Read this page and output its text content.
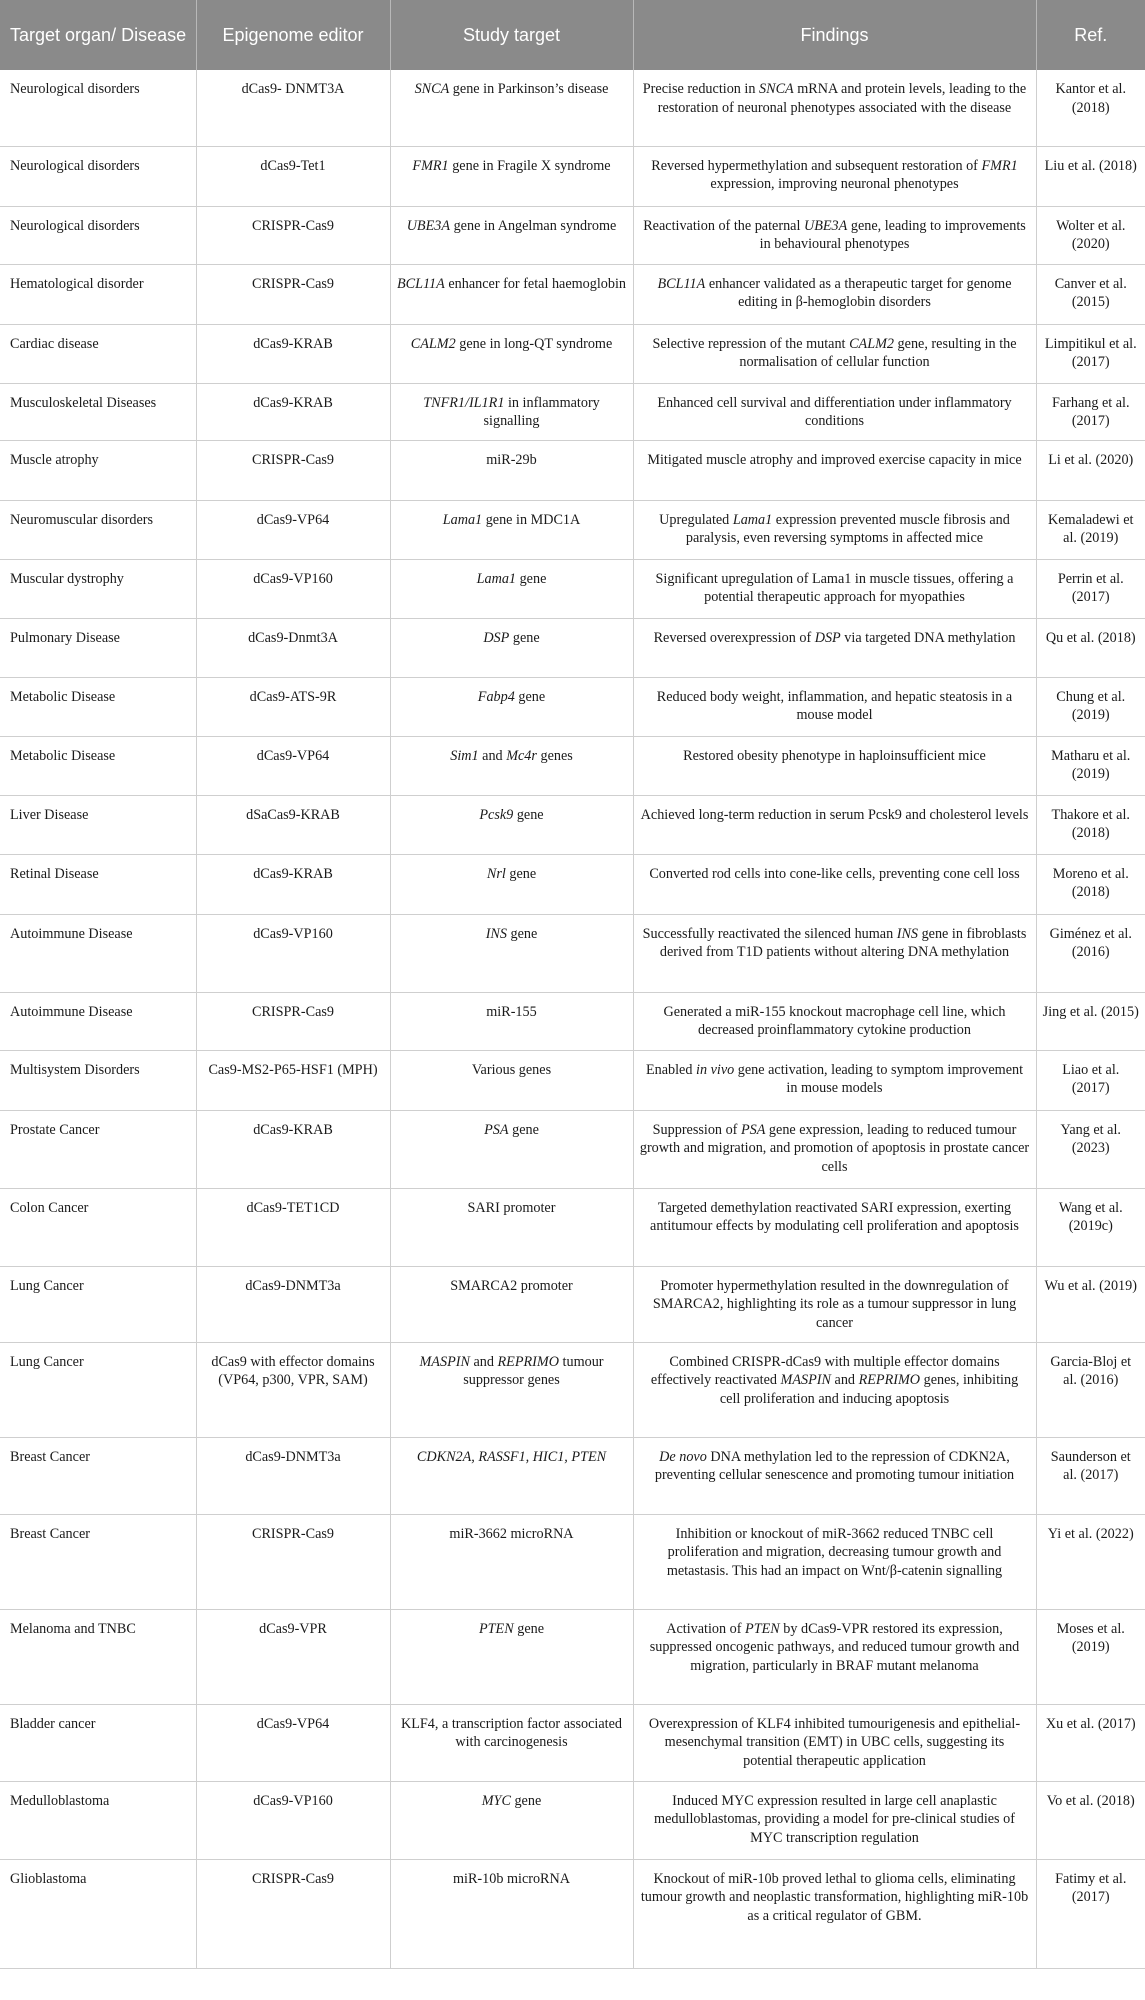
Target organ/ Disease	Epigenome editor	Study target	Findings	Ref.
Neurological disorders	dCas9- DNMT3A	SNCA gene in Parkinson’s disease	Precise reduction in SNCA mRNA and protein levels, leading to the restoration of neuronal phenotypes associated with the disease	Kantor et al. (2018)
Neurological disorders	dCas9-Tet1	FMR1 gene in Fragile X syndrome	Reversed hypermethylation and subsequent restoration of FMR1 expression, improving neuronal phenotypes	Liu et al. (2018)
Neurological disorders	CRISPR-Cas9	UBE3A gene in Angelman syndrome	Reactivation of the paternal UBE3A gene, leading to improvements in behavioural phenotypes	Wolter et al. (2020)
Hematological disorder	CRISPR-Cas9	BCL11A enhancer for fetal haemoglobin	BCL11A enhancer validated as a therapeutic target for genome editing in β-hemoglobin disorders	Canver et al. (2015)
Cardiac disease	dCas9-KRAB	CALM2 gene in long-QT syndrome	Selective repression of the mutant CALM2 gene, resulting in the normalisation of cellular function	Limpitikul et al. (2017)
Musculoskeletal Diseases	dCas9-KRAB	TNFR1/IL1R1 in inflammatory signalling	Enhanced cell survival and differentiation under inflammatory conditions	Farhang et al. (2017)
Muscle atrophy	CRISPR-Cas9	miR-29b	Mitigated muscle atrophy and improved exercise capacity in mice	Li et al. (2020)
Neuromuscular disorders	dCas9-VP64	Lama1 gene in MDC1A	Upregulated Lama1 expression prevented muscle fibrosis and paralysis, even reversing symptoms in affected mice	Kemaladewi et al. (2019)
Muscular dystrophy	dCas9-VP160	Lama1 gene	Significant upregulation of Lama1 in muscle tissues, offering a potential therapeutic approach for myopathies	Perrin et al. (2017)
Pulmonary Disease	dCas9-Dnmt3A	DSP gene	Reversed overexpression of DSP via targeted DNA methylation	Qu et al. (2018)
Metabolic Disease	dCas9-ATS-9R	Fabp4 gene	Reduced body weight, inflammation, and hepatic steatosis in a mouse model	Chung et al. (2019)
Metabolic Disease	dCas9-VP64	Sim1 and Mc4r genes	Restored obesity phenotype in haploinsufficient mice	Matharu et al. (2019)
Liver Disease	dSaCas9-KRAB	Pcsk9 gene	Achieved long-term reduction in serum Pcsk9 and cholesterol levels	Thakore et al. (2018)
Retinal Disease	dCas9-KRAB	Nrl gene	Converted rod cells into cone-like cells, preventing cone cell loss	Moreno et al. (2018)
Autoimmune Disease	dCas9-VP160	INS gene	Successfully reactivated the silenced human INS gene in fibroblasts derived from T1D patients without altering DNA methylation	Giménez et al. (2016)
Autoimmune Disease	CRISPR-Cas9	miR-155	Generated a miR-155 knockout macrophage cell line, which decreased proinflammatory cytokine production	Jing et al. (2015)
Multisystem Disorders	Cas9-MS2-P65-HSF1 (MPH)	Various genes	Enabled in vivo gene activation, leading to symptom improvement in mouse models	Liao et al. (2017)
Prostate Cancer	dCas9-KRAB	PSA gene	Suppression of PSA gene expression, leading to reduced tumour growth and migration, and promotion of apoptosis in prostate cancer cells	Yang et al. (2023)
Colon Cancer	dCas9-TET1CD	SARI promoter	Targeted demethylation reactivated SARI expression, exerting antitumour effects by modulating cell proliferation and apoptosis	Wang et al. (2019c)
Lung Cancer	dCas9-DNMT3a	SMARCA2 promoter	Promoter hypermethylation resulted in the downregulation of SMARCA2, highlighting its role as a tumour suppressor in lung cancer	Wu et al. (2019)
Lung Cancer	dCas9 with effector domains (VP64, p300, VPR, SAM)	MASPIN and REPRIMO tumour suppressor genes	Combined CRISPR-dCas9 with multiple effector domains effectively reactivated MASPIN and REPRIMO genes, inhibiting cell proliferation and inducing apoptosis	Garcia-Bloj et al. (2016)
Breast Cancer	dCas9-DNMT3a	CDKN2A, RASSF1, HIC1, PTEN	De novo DNA methylation led to the repression of CDKN2A, preventing cellular senescence and promoting tumour initiation	Saunderson et al. (2017)
Breast Cancer	CRISPR-Cas9	miR-3662 microRNA	Inhibition or knockout of miR-3662 reduced TNBC cell proliferation and migration, decreasing tumour growth and metastasis. This had an impact on Wnt/β-catenin signalling	Yi et al. (2022)
Melanoma and TNBC	dCas9-VPR	PTEN gene	Activation of PTEN by dCas9-VPR restored its expression, suppressed oncogenic pathways, and reduced tumour growth and migration, particularly in BRAF mutant melanoma	Moses et al. (2019)
Bladder cancer	dCas9-VP64	KLF4, a transcription factor associated with carcinogenesis	Overexpression of KLF4 inhibited tumourigenesis and epithelial-mesenchymal transition (EMT) in UBC cells, suggesting its potential therapeutic application	Xu et al. (2017)
Medulloblastoma	dCas9-VP160	MYC gene	Induced MYC expression resulted in large cell anaplastic medulloblastomas, providing a model for pre-clinical studies of MYC transcription regulation	Vo et al. (2018)
Glioblastoma	CRISPR-Cas9	miR-10b microRNA	Knockout of miR-10b proved lethal to glioma cells, eliminating tumour growth and neoplastic transformation, highlighting miR-10b as a critical regulator of GBM.	Fatimy et al. (2017)
